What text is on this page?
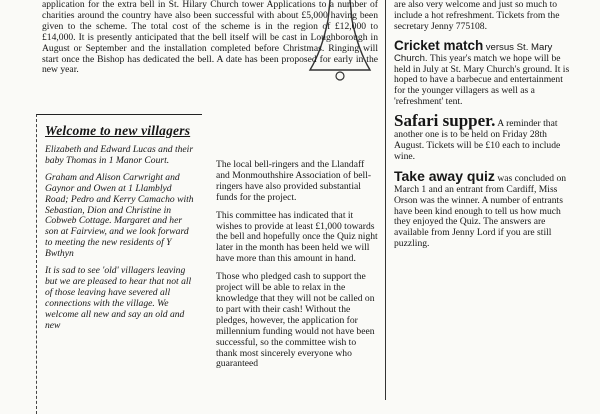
application for the extra bell in St. Hilary Church tower Applications to a number of charities around the country have also been successful with about £5,000 having been given to the scheme. The total cost of the scheme is in the region of £12,000 to £14,000. It is presently anticipated that the bell itself will be cast in Loughborough in August or September and the installation completed before Christmas. Ringing will start once the Bishop has dedicated the bell. A date has been proposed for early in the new year.

Welcome to new villagers

Elizabeth and Edward Lucas and their baby Thomas in 1 Manor Court.

Graham and Alison Carwright and Gaynor and Owen at 1 Llamblyd Road; Pedro and Kerry Camacho with Sebastian, Dion and Christine in Cobweb Cottage. Margaret and her son at Fairview, and we look forward to meeting the new residents of Y Bwthyn

It is sad to see 'old' villagers leaving but we are pleased to hear that not all of those leaving have severed all connections with the village. We welcome all new and say an old and new

The local bell-ringers and the Llandaff and Monmouthshire Association of bell-ringers have also provided substantial funds for the project.

This committee has indicated that it wishes to provide at least £1,000 towards the bell and hopefully once the Quiz night later in the month has been held we will have more than this amount in hand.

Those who pledged cash to support the project will be able to relax in the knowledge that they will not be called on to part with their cash! Without the pledges, however, the application for millennium funding would not have been successful, so the committee wish to thank most sincerely everyone who guaranteed

are also very welcome and just so much to include a hot refreshment. Tickets from the secretary Jenny 775108.
Cricket match versus St. Mary Church. This year's match we hope will be held in July at St. Mary Church's ground. It is hoped to have a barbecue and entertainment for the younger villagers as well as a 'refreshment' tent.
Safari supper. A reminder that another one is to be held on Friday 28th August. Tickets will be £10 each to include wine.
Take away quiz was concluded on March 1 and an entrant from Cardiff, Miss Orson was the winner. A number of entrants have been kind enough to tell us how much they enjoyed the Quiz. The answers are available from Jenny Lord if you are still puzzling.
